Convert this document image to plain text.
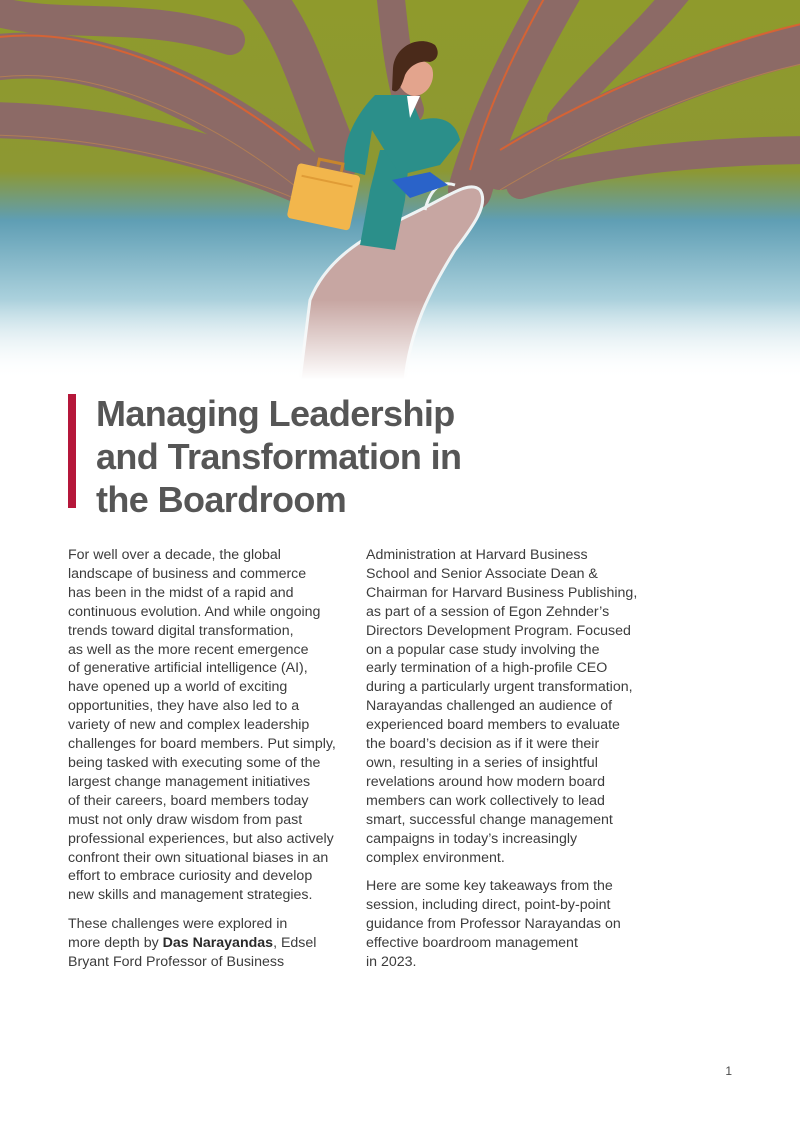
Managing Leadership
and Transformation in
the Boardroom

For well over a decade, the global
landscape of business and commerce
has been in the midst of a rapid and
continuous evolution. And while ongoing
trends toward digital transformation,
as well as the more recent emergence
of generative artificial intelligence (AI),
have opened up a world of exciting
opportunities, they have also led to a
variety of new and complex leadership
challenges for board members. Put simply,
being tasked with executing some of the
largest change management initiatives
of their careers, board members today
must not only draw wisdom from past
professional experiences, but also actively
confront their own situational biases in an
effort to embrace curiosity and develop
new skills and management strategies.

These challenges were explored in
more depth by Das Narayandas, Edsel
Bryant Ford Professor of Business

Administration at Harvard Business
School and Senior Associate Dean &
Chairman for Harvard Business Publishing,
as part of a session of Egon Zehnder’s
Directors Development Program. Focused
on a popular case study involving the
early termination of a high-profile CEO
during a particularly urgent transformation,
Narayandas challenged an audience of
experienced board members to evaluate
the board’s decision as if it were their
own, resulting in a series of insightful
revelations around how modern board
members can work collectively to lead
smart, successful change management
campaigns in today’s increasingly
complex environment.

Here are some key takeaways from the
session, including direct, point-by-point
guidance from Professor Narayandas on
effective boardroom management
in 2023.

1
